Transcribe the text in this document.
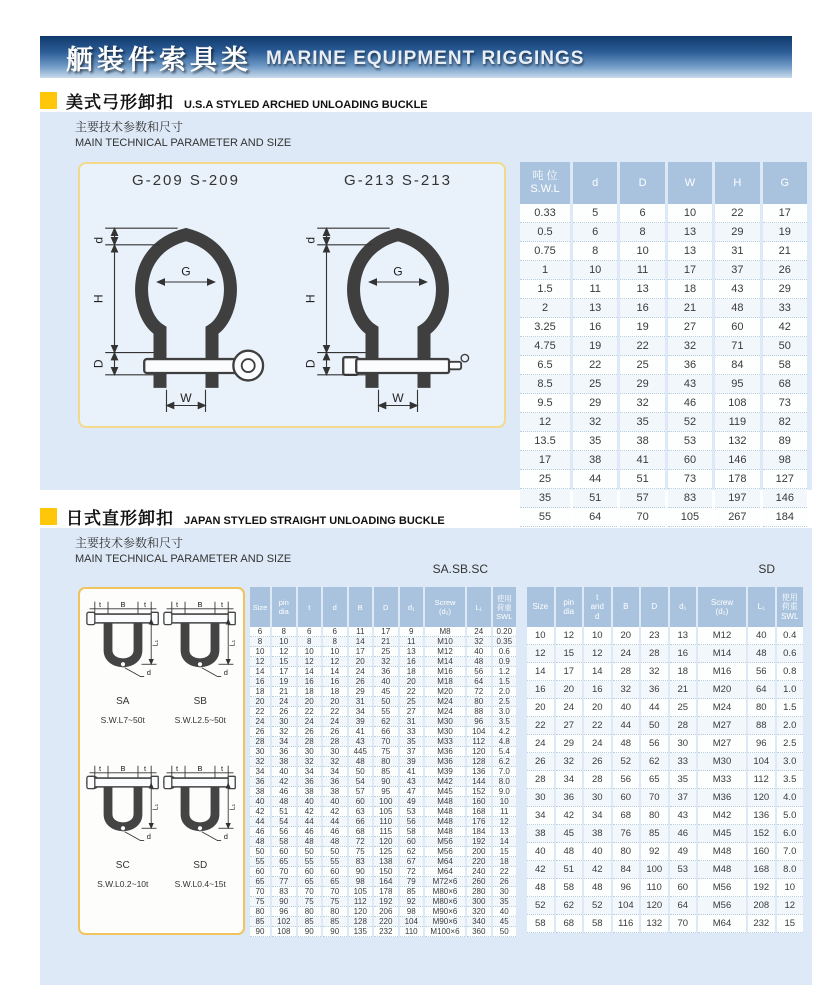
舾装件索具类 MARINE EQUIPMENT RIGGINGS
美式弓形卸扣 U.S.A STYLED ARCHED UNLOADING BUCKLE
主要技术参数和尺寸
MAIN TECHNICAL PARAMETER AND SIZE
G-209 S-209
d
H
D
G
W
G-213 S-213
d
H
D
G
W
吨 位
S.W.L	d	D	W	H	G
0.33	5	6	10	22	17
0.5	6	8	13	29	19
0.75	8	10	13	31	21
1	10	11	17	37	26
1.5	11	13	18	43	29
2	13	16	21	48	33
3.25	16	19	27	60	42
4.75	19	22	32	71	50
6.5	22	25	36	84	58
8.5	25	29	43	95	68
9.5	29	32	46	108	73
12	32	35	52	119	82
13.5	35	38	53	132	89
17	38	41	60	146	98
25	44	51	73	178	127
35	51	57	83	197	146
55	64	70	105	267	184
日式直形卸扣 JAPAN STYLED STRAIGHT UNLOADING BUCKLE
主要技术参数和尺寸
MAIN TECHNICAL PARAMETER AND SIZE
SA.SB.SC	SD
t B t
L₁
d
SA
S.W.L7~50t
t B t
L₁
d
SB
S.W.L2.5~50t
t B t
L₁
d
SC
S.W.L0.2~10t
t B t
L₁
d
SD
S.W.L0.4~15t
Size	pin
dia	t	d	B	D	d₁	Screw
(d₂)	L₁	使用
荷重
SWL
6	8	6	6	11	17	9	M8	24	0.20
8	10	8	8	14	21	11	M10	32	0.35
10	12	10	10	17	25	13	M12	40	0.6
12	15	12	12	20	32	16	M14	48	0.9
14	17	14	14	24	36	18	M16	56	1.2
16	19	16	16	26	40	20	M18	64	1.5
18	21	18	18	29	45	22	M20	72	2.0
20	24	20	20	31	50	25	M24	80	2.5
22	26	22	22	34	55	27	M24	88	3.0
24	30	24	24	39	62	31	M30	96	3.5
26	32	26	26	41	66	33	M30	104	4.2
28	34	28	28	43	70	35	M33	112	4.8
30	36	30	30	445	75	37	M36	120	5.4
32	38	32	32	48	80	39	M36	128	6.2
34	40	34	34	50	85	41	M39	136	7.0
36	42	36	36	54	90	43	M42	144	8.0
38	46	38	38	57	95	47	M45	152	9.0
40	48	40	40	60	100	49	M48	160	10
42	51	42	42	63	105	53	M48	168	11
44	54	44	44	66	110	56	M48	176	12
46	56	46	46	68	115	58	M48	184	13
48	58	48	48	72	120	60	M56	192	14
50	60	50	50	75	125	62	M56	200	15
55	65	55	55	83	138	67	M64	220	18
60	70	60	60	90	150	72	M64	240	22
65	77	65	65	98	164	79	M72×6	260	26
70	83	70	70	105	178	85	M80×6	280	30
75	90	75	75	112	192	92	M80×6	300	35
80	96	80	80	120	206	98	M90×6	320	40
85	102	85	85	128	220	104	M90×6	340	45
90	108	90	90	135	232	110	M100×6	360	50
Size	pin
dia	t
and
d	B	D	d₁	Screw
(d₂)	L₁	使用
荷重
SWL
10	12	10	20	23	13	M12	40	0.4
12	15	12	24	28	16	M14	48	0.6
14	17	14	28	32	18	M16	56	0.8
16	20	16	32	36	21	M20	64	1.0
20	24	20	40	44	25	M24	80	1.5
22	27	22	44	50	28	M27	88	2.0
24	29	24	48	56	30	M27	96	2.5
26	32	26	52	62	33	M30	104	3.0
28	34	28	56	65	35	M33	112	3.5
30	36	30	60	70	37	M36	120	4.0
34	42	34	68	80	43	M42	136	5.0
38	45	38	76	85	46	M45	152	6.0
40	48	40	80	92	49	M48	160	7.0
42	51	42	84	100	53	M48	168	8.0
48	58	48	96	110	60	M56	192	10
52	62	52	104	120	64	M56	208	12
58	68	58	116	132	70	M64	232	15
